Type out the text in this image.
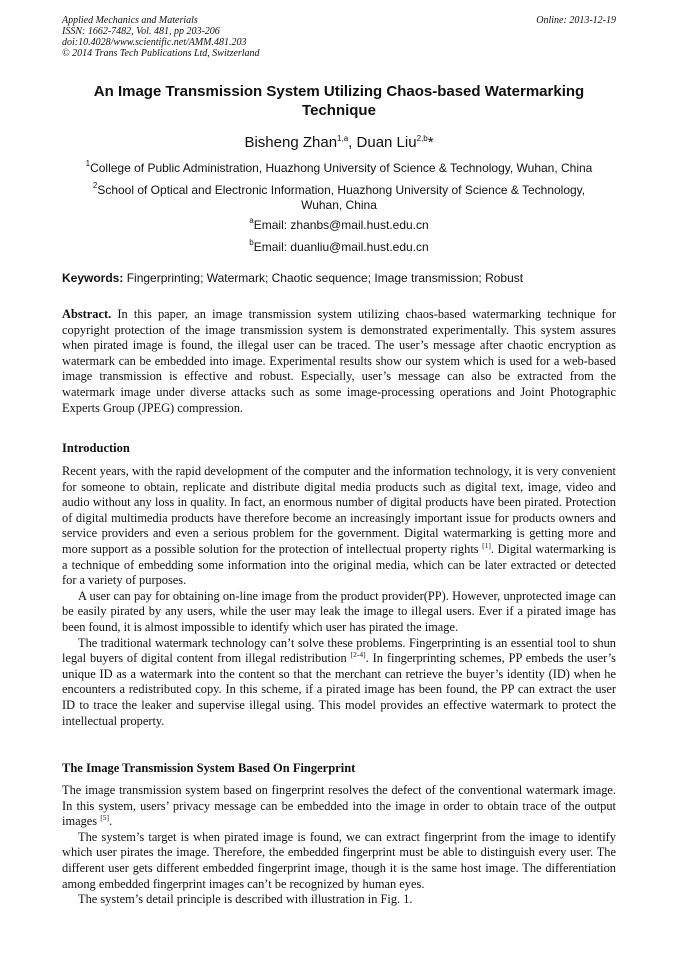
Applied Mechanics and Materials
ISSN: 1662-7482, Vol. 481, pp 203-206
doi:10.4028/www.scientific.net/AMM.481.203
© 2014 Trans Tech Publications Ltd, Switzerland
Online: 2013-12-19
An Image Transmission System Utilizing Chaos-based Watermarking Technique
Bisheng Zhan$^{1,a}$, Duan Liu$^{2,b}$*
$^1$College of Public Administration, Huazhong University of Science & Technology, Wuhan, China
$^2$School of Optical and Electronic Information, Huazhong University of Science & Technology, Wuhan, China
$^a$Email: zhanbs@mail.hust.edu.cn
$^b$Email: duanliu@mail.hust.edu.cn
Keywords: Fingerprinting; Watermark; Chaotic sequence; Image transmission; Robust

Abstract. In this paper, an image transmission system utilizing chaos-based watermarking technique for copyright protection of the image transmission system is demonstrated experimentally. This system assures when pirated image is found, the illegal user can be traced. The user’s message after chaotic encryption as watermark can be embedded into image. Experimental results show our system which is used for a web-based image transmission is effective and robust. Especially, user’s message can also be extracted from the watermark image under diverse attacks such as some image-processing operations and Joint Photographic Experts Group (JPEG) compression.

Introduction

Recent years, with the rapid development of the computer and the information technology, it is very convenient for someone to obtain, replicate and distribute digital media products such as digital text, image, video and audio without any loss in quality. In fact, an enormous number of digital products have been pirated. Protection of digital multimedia products have therefore become an increasingly important issue for products owners and service providers and even a serious problem for the government. Digital watermarking is getting more and more support as a possible solution for the protection of intellectual property rights [1]. Digital watermarking is a technique of embedding some information into the original media, which can be later extracted or detected for a variety of purposes.

A user can pay for obtaining on-line image from the product provider(PP). However, unprotected image can be easily pirated by any users, while the user may leak the image to illegal users. Ever if a pirated image has been found, it is almost impossible to identify which user has pirated the image.

The traditional watermark technology can’t solve these problems. Fingerprinting is an essential tool to shun legal buyers of digital content from illegal redistribution [2-4]. In fingerprinting schemes, PP embeds the user’s unique ID as a watermark into the content so that the merchant can retrieve the buyer’s identity (ID) when he encounters a redistributed copy. In this scheme, if a pirated image has been found, the PP can extract the user ID to trace the leaker and supervise illegal using. This model provides an effective watermark to protect the intellectual property.

The Image Transmission System Based On Fingerprint

The image transmission system based on fingerprint resolves the defect of the conventional watermark image. In this system, users’ privacy message can be embedded into the image in order to obtain trace of the output images [5].

The system’s target is when pirated image is found, we can extract fingerprint from the image to identify which user pirates the image. Therefore, the embedded fingerprint must be able to distinguish every user. The different user gets different embedded fingerprint image, though it is the same host image. The differentiation among embedded fingerprint images can’t be recognized by human eyes.

The system’s detail principle is described with illustration in Fig. 1.
